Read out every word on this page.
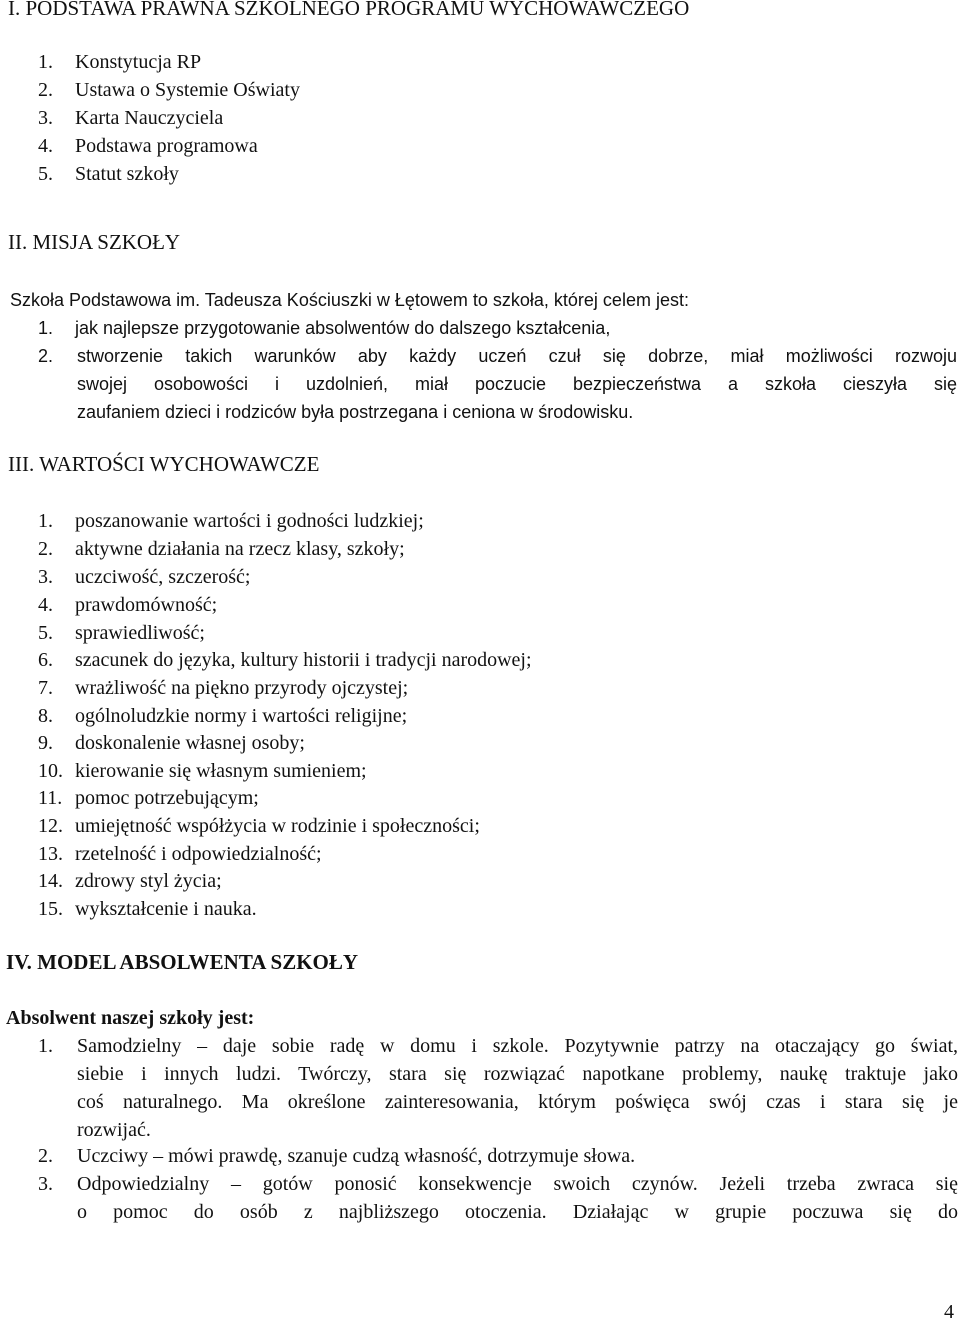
I. PODSTAWA PRAWNA SZKOLNEGO PROGRAMU WYCHOWAWCZEGO
1. Konstytucja RP
2. Ustawa o Systemie Oświaty
3. Karta Nauczyciela
4. Podstawa programowa
5. Statut szkoły
II. MISJA SZKOŁY
Szkoła Podstawowa im. Tadeusza Kościuszki w Łętowem to szkoła, której celem jest:
1. jak najlepsze przygotowanie absolwentów do dalszego kształcenia,
2. stworzenie takich warunków aby każdy uczeń czuł się dobrze, miał możliwości rozwoju
swojej osobowości i uzdolnień, miał poczucie bezpieczeństwa a szkoła cieszyła się
zaufaniem dzieci i rodziców była postrzegana i ceniona w środowisku.
III. WARTOŚCI WYCHOWAWCZE
1. poszanowanie wartości i godności ludzkiej;
2. aktywne działania na rzecz klasy, szkoły;
3. uczciwość, szczerość;
4. prawdomówność;
5. sprawiedliwość;
6. szacunek do języka, kultury historii i tradycji narodowej;
7. wrażliwość na piękno przyrody ojczystej;
8. ogólnoludzkie normy i wartości religijne;
9. doskonalenie własnej osoby;
10. kierowanie się własnym sumieniem;
11. pomoc potrzebującym;
12. umiejętność współżycia w rodzinie i społeczności;
13. rzetelność i odpowiedzialność;
14. zdrowy styl życia;
15. wykształcenie i nauka.
IV. MODEL ABSOLWENTA SZKOŁY
Absolwent naszej szkoły jest:
1. Samodzielny – daje sobie radę w domu i szkole. Pozytywnie patrzy na otaczający go świat,
siebie i innych ludzi. Twórczy, stara się rozwiązać napotkane problemy, naukę traktuje jako
coś naturalnego. Ma określone zainteresowania, którym poświęca swój czas i stara się je
rozwijać.
2. Uczciwy – mówi prawdę, szanuje cudzą własność, dotrzymuje słowa.
3. Odpowiedzialny – gotów ponosić konsekwencje swoich czynów. Jeżeli trzeba zwraca się
o pomoc do osób z najbliższego otoczenia. Działając w grupie poczuwa się do
4
